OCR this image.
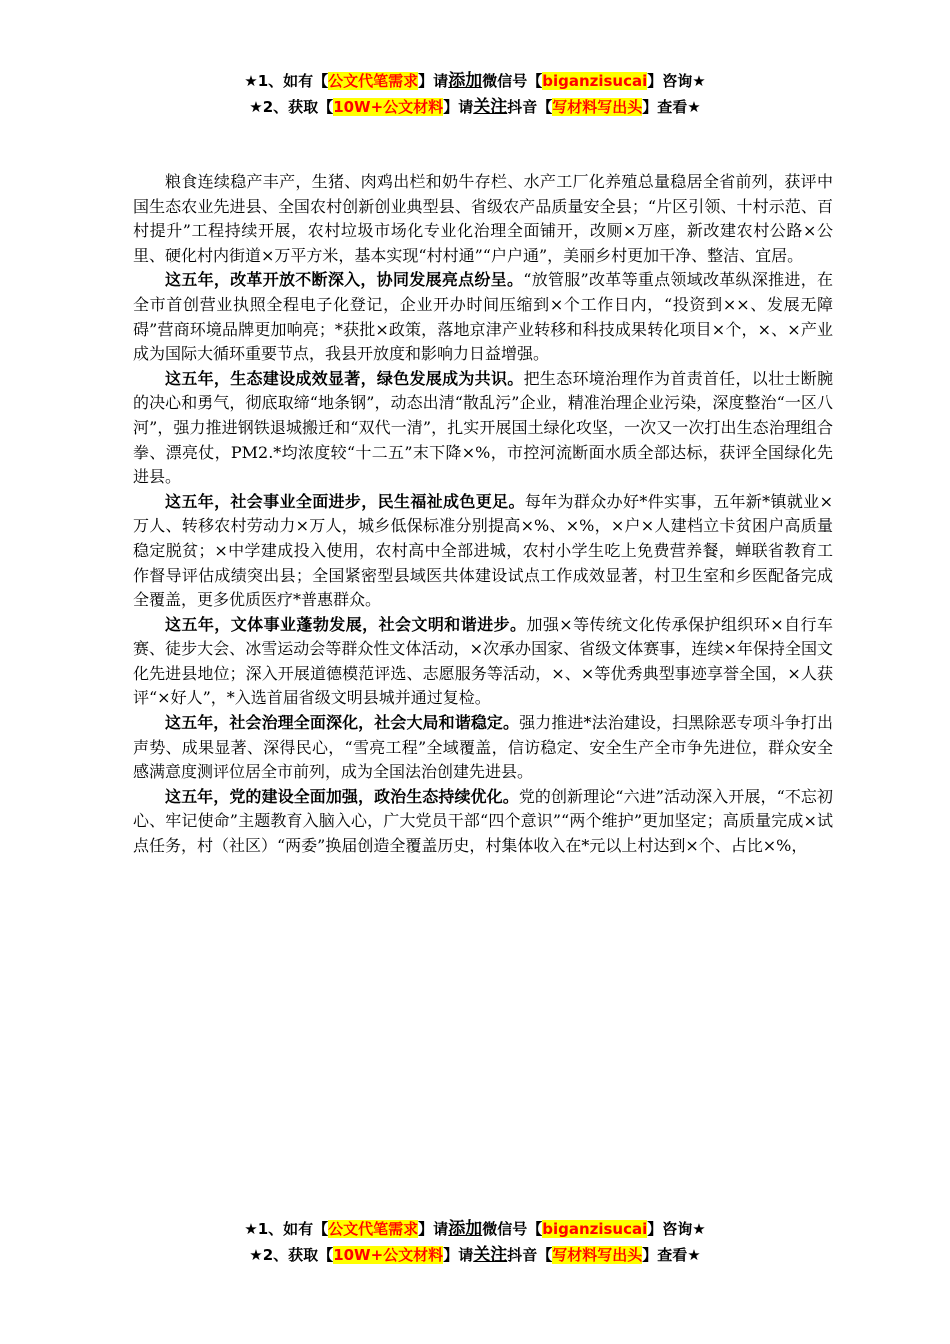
★1、如有【公文代笔需求】请添加微信号【biganzisucai】咨询★
★2、获取【10W+公文材料】请关注抖音【写材料写出头】查看★

粮食连续稳产丰产，生猪、肉鸡出栏和奶牛存栏、水产工厂化养殖总量稳居全省前列，获评中国生态农业先进县、全国农村创新创业典型县、省级农产品质量安全县；“片区引领、十村示范、百村提升”工程持续开展，农村垃圾市场化专业化治理全面铺开，改厕×万座，新改建农村公路×公里、硬化村内街道×万平方米，基本实现“村村通”“户户通”，美丽乡村更加干净、整洁、宜居。

这五年，改革开放不断深入，协同发展亮点纷呈。“放管服”改革等重点领域改革纵深推进，在全市首创营业执照全程电子化登记，企业开办时间压缩到×个工作日内，“投资到××、发展无障碍”营商环境品牌更加响亮；*获批×政策，落地京津产业转移和科技成果转化项目×个，×、×产业成为国际大循环重要节点，我县开放度和影响力日益增强。

这五年，生态建设成效显著，绿色发展成为共识。把生态环境治理作为首责首任，以壮士断腕的决心和勇气，彻底取缔“地条钢”，动态出清“散乱污”企业，精准治理企业污染，深度整治“一区八河”，强力推进钢铁退城搬迁和“双代一清”，扎实开展国土绿化攻坚，一次又一次打出生态治理组合拳、漂亮仗，PM2.*均浓度较“十二五”末下降×%，市控河流断面水质全部达标，获评全国绿化先进县。

这五年，社会事业全面进步，民生福祉成色更足。每年为群众办好*件实事，五年新*镇就业×万人、转移农村劳动力×万人，城乡低保标准分别提高×%、×%，×户×人建档立卡贫困户高质量稳定脱贫；×中学建成投入使用，农村高中全部进城，农村小学生吃上免费营养餐，蝉联省教育工作督导评估成绩突出县；全国紧密型县域医共体建设试点工作成效显著，村卫生室和乡医配备完成全覆盖，更多优质医疗*普惠群众。

这五年，文体事业蓬勃发展，社会文明和谐进步。加强×等传统文化传承保护组织环×自行车赛、徒步大会、冰雪运动会等群众性文体活动，×次承办国家、省级文体赛事，连续×年保持全国文化先进县地位；深入开展道德模范评选、志愿服务等活动，×、×等优秀典型事迹享誉全国，×人获评“×好人”，*入选首届省级文明县城并通过复检。

这五年，社会治理全面深化，社会大局和谐稳定。强力推进*法治建设，扫黑除恶专项斗争打出声势、成果显著、深得民心，“雪亮工程”全域覆盖，信访稳定、安全生产全市争先进位，群众安全感满意度测评位居全市前列，成为全国法治创建先进县。

这五年，党的建设全面加强，政治生态持续优化。党的创新理论“六进”活动深入开展，“不忘初心、牢记使命”主题教育入脑入心，广大党员干部“四个意识”“两个维护”更加坚定；高质量完成×试点任务，村（社区）“两委”换届创造全覆盖历史，村集体收入在*元以上村达到×个、占比×%，

★1、如有【公文代笔需求】请添加微信号【biganzisucai】咨询★
★2、获取【10W+公文材料】请关注抖音【写材料写出头】查看★
